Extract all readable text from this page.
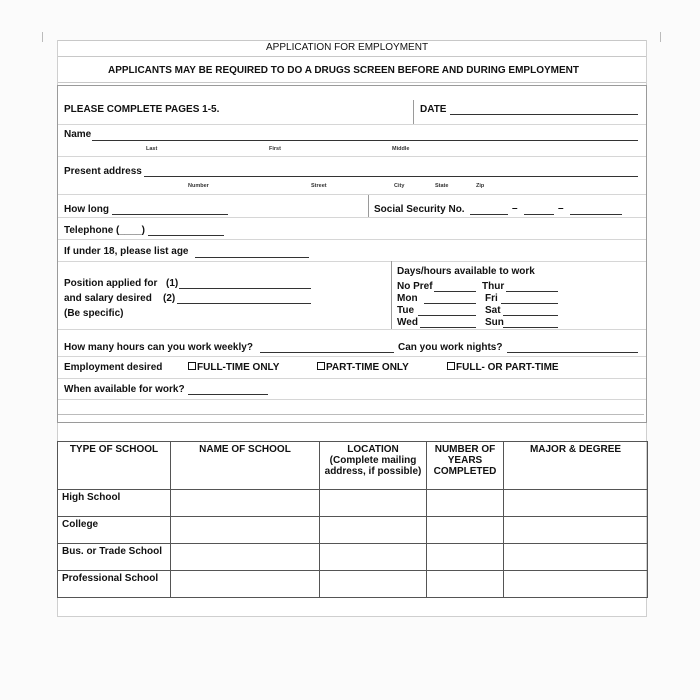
APPLICATION FOR EMPLOYMENT
APPLICANTS MAY BE REQUIRED TO DO A DRUGS SCREEN BEFORE AND DURING EMPLOYMENT
PLEASE COMPLETE PAGES 1-5.	DATE
Name
Last	First	Middle
Present address
Number	Street	City	State	Zip
How long	Social Security No.	–	–
Telephone (____)
If under 18, please list age
Position applied for (1)
and salary desired (2)
(Be specific)
Days/hours available to work
No Pref	Thur
Mon	Fri
Tue	Sat
Wed	Sun
How many hours can you work weekly?	Can you work nights?
Employment desired	FULL-TIME ONLY	PART-TIME ONLY	FULL- OR PART-TIME
When available for work?
TYPE OF SCHOOL	NAME OF SCHOOL	LOCATION (Complete mailing address, if possible)	NUMBER OF YEARS COMPLETED	MAJOR & DEGREE
High School				
College				
Bus. or Trade School				
Professional School				
